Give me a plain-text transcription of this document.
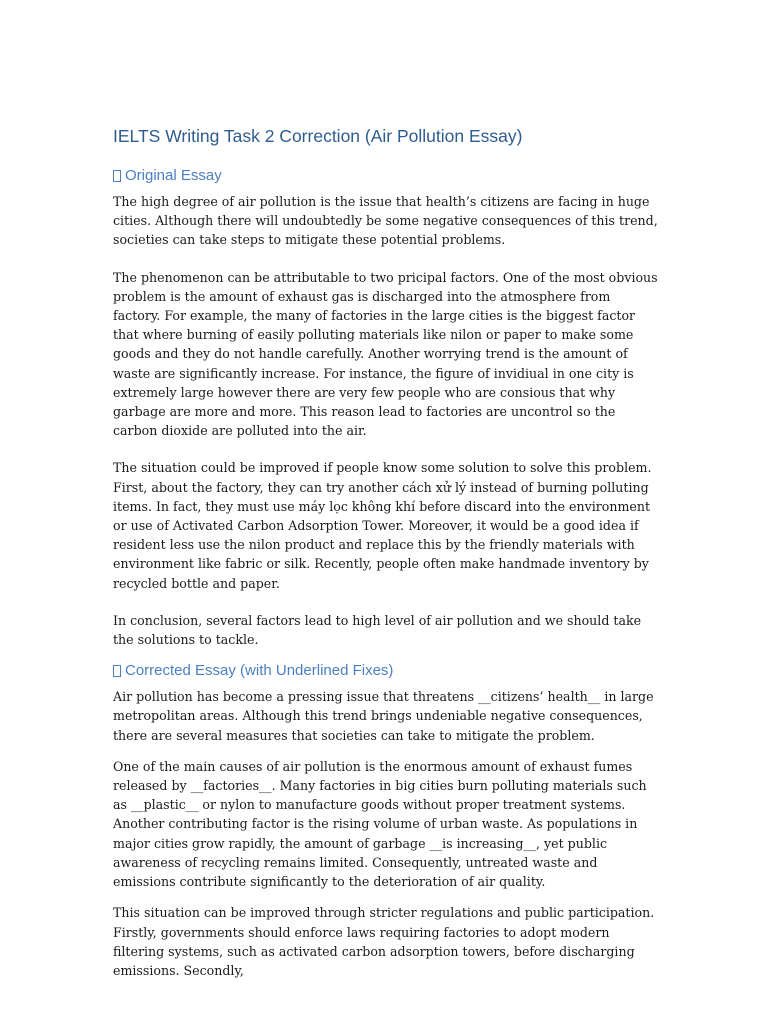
IELTS Writing Task 2 Correction (Air Pollution Essay)
Original Essay

The high degree of air pollution is the issue that health’s citizens are facing in huge cities. Although there will undoubtedly be some negative consequences of this trend, societies can take steps to mitigate these potential problems.

The phenomenon can be attributable to two pricipal factors. One of the most obvious problem is the amount of exhaust gas is discharged into the atmosphere from factory. For example, the many of factories in the large cities is the biggest factor that where burning of easily polluting materials like nilon or paper to make some goods and they do not handle carefully. Another worrying trend is the amount of waste are significantly increase. For instance, the figure of invidiual in one city is extremely large however there are very few people who are consious that why garbage are more and more. This reason lead to factories are uncontrol so the carbon dioxide are polluted into the air.

The situation could be improved if people know some solution to solve this problem. First, about the factory, they can try another cách xử lý instead of burning polluting items. In fact, they must use máy lọc không khí before discard into the environment or use of Activated Carbon Adsorption Tower. Moreover, it would be a good idea if resident less use the nilon product and replace this by the friendly materials with environment like fabric or silk. Recently, people often make handmade inventory by recycled bottle and paper.

In conclusion, several factors lead to high level of air pollution and we should take the solutions to tackle.

Corrected Essay (with Underlined Fixes)

Air pollution has become a pressing issue that threatens __citizens’ health__ in large metropolitan areas. Although this trend brings undeniable negative consequences, there are several measures that societies can take to mitigate the problem.

One of the main causes of air pollution is the enormous amount of exhaust fumes released by __factories__. Many factories in big cities burn polluting materials such as __plastic__ or nylon to manufacture goods without proper treatment systems. Another contributing factor is the rising volume of urban waste. As populations in major cities grow rapidly, the amount of garbage __is increasing__, yet public awareness of recycling remains limited. Consequently, untreated waste and emissions contribute significantly to the deterioration of air quality.

This situation can be improved through stricter regulations and public participation. Firstly, governments should enforce laws requiring factories to adopt modern filtering systems, such as activated carbon adsorption towers, before discharging emissions. Secondly,
